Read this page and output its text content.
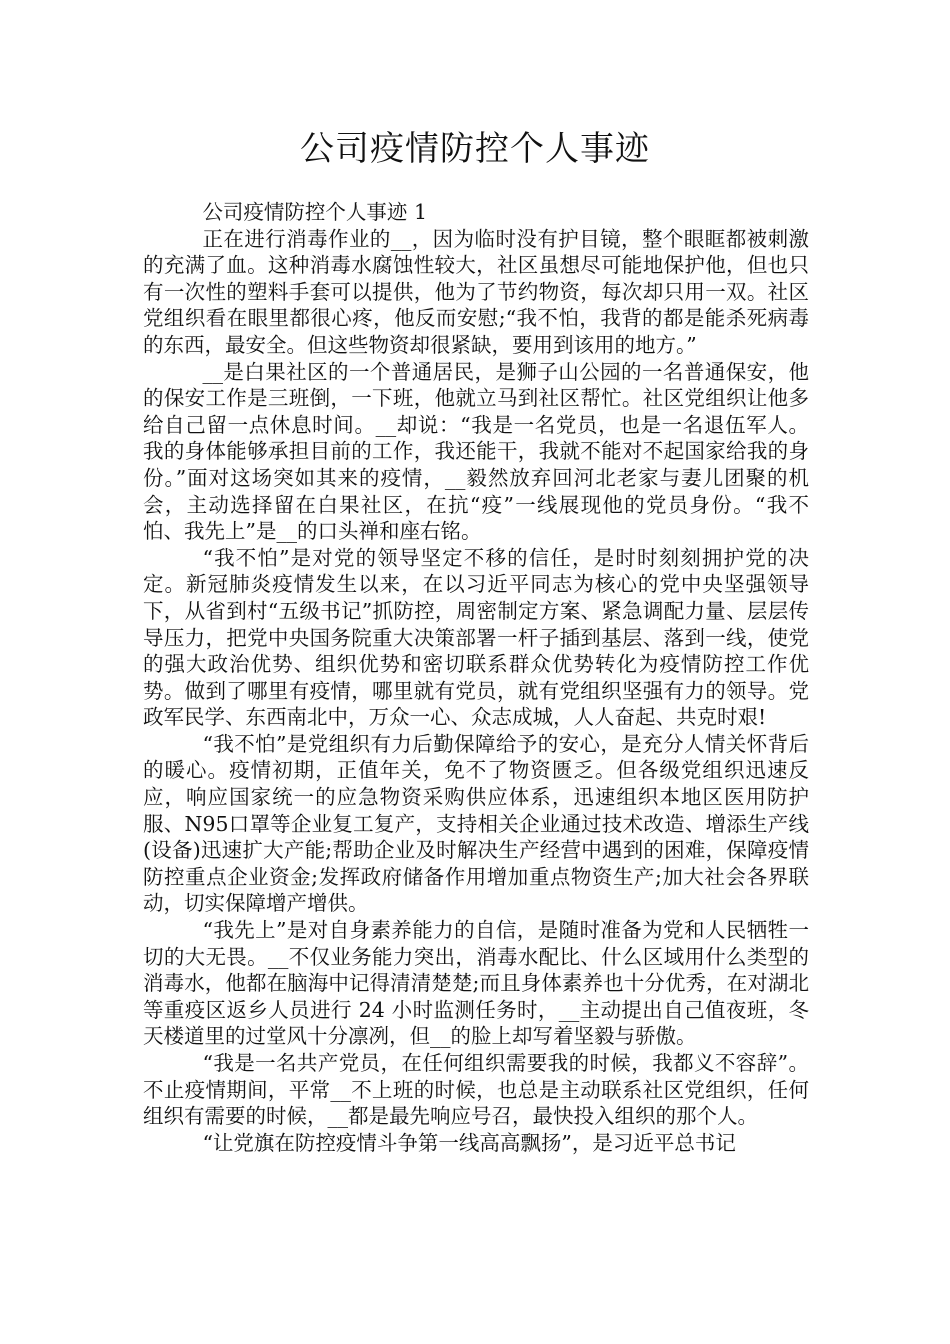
公司疫情防控个人事迹

公司疫情防控个人事迹 1

正在进行消毒作业的__，因为临时没有护目镜，整个眼眶都被刺激的充满了血。这种消毒水腐蚀性较大，社区虽想尽可能地保护他，但也只有一次性的塑料手套可以提供，他为了节约物资，每次却只用一双。社区党组织看在眼里都很心疼，他反而安慰;“我不怕，我背的都是能杀死病毒的东西，最安全。但这些物资却很紧缺，要用到该用的地方。”

__是白果社区的一个普通居民，是狮子山公园的一名普通保安，他的保安工作是三班倒，一下班，他就立马到社区帮忙。社区党组织让他多给自己留一点休息时间。__却说：“我是一名党员，也是一名退伍军人。我的身体能够承担目前的工作，我还能干，我就不能对不起国家给我的身份。”面对这场突如其来的疫情，__毅然放弃回河北老家与妻儿团聚的机会，主动选择留在白果社区，在抗“疫”一线展现他的党员身份。“我不怕、我先上”是__的口头禅和座右铭。

“我不怕”是对党的领导坚定不移的信任，是时时刻刻拥护党的决定。新冠肺炎疫情发生以来，在以习近平同志为核心的党中央坚强领导下，从省到村“五级书记”抓防控，周密制定方案、紧急调配力量、层层传导压力，把党中央国务院重大决策部署一杆子插到基层、落到一线，使党的强大政治优势、组织优势和密切联系群众优势转化为疫情防控工作优势。做到了哪里有疫情，哪里就有党员，就有党组织坚强有力的领导。党政军民学、东西南北中，万众一心、众志成城，人人奋起、共克时艰!

“我不怕”是党组织有力后勤保障给予的安心，是充分人情关怀背后的暖心。疫情初期，正值年关，免不了物资匮乏。但各级党组织迅速反应，响应国家统一的应急物资采购供应体系，迅速组织本地区医用防护服、N95口罩等企业复工复产，支持相关企业通过技术改造、增添生产线(设备)迅速扩大产能;帮助企业及时解决生产经营中遇到的困难，保障疫情防控重点企业资金;发挥政府储备作用增加重点物资生产;加大社会各界联动，切实保障增产增供。

“我先上”是对自身素养能力的自信，是随时准备为党和人民牺牲一切的大无畏。__不仅业务能力突出，消毒水配比、什么区域用什么类型的消毒水，他都在脑海中记得清清楚楚;而且身体素养也十分优秀，在对湖北等重疫区返乡人员进行 24 小时监测任务时，__主动提出自己值夜班，冬天楼道里的过堂风十分凛冽，但__的脸上却写着坚毅与骄傲。

“我是一名共产党员，在任何组织需要我的时候，我都义不容辞”。不止疫情期间，平常__不上班的时候，也总是主动联系社区党组织，任何组织有需要的时候，__都是最先响应号召，最快投入组织的那个人。

“让党旗在防控疫情斗争第一线高高飘扬”，是习近平总书记
